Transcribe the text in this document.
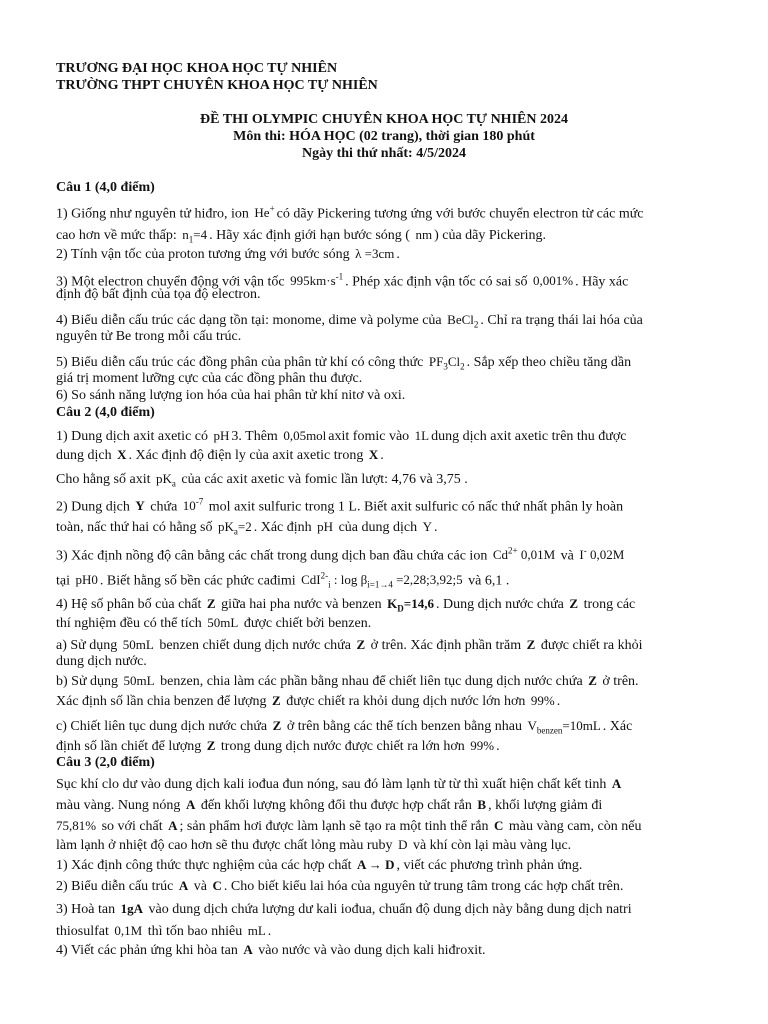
TRƯƠNG ĐẠI HỌC KHOA HỌC TỰ NHIÊN
TRƯỜNG THPT CHUYÊN KHOA HỌC TỰ NHIÊN
ĐỀ THI OLYMPIC CHUYÊN KHOA HỌC TỰ NHIÊN 2024
Môn thi: HÓA HỌC (02 trang), thời gian 180 phút
Ngày thi thứ nhất: 4/5/2024
Câu 1 (4,0 điểm)
1) Giống như nguyên tử hiđro, ion He+ có dãy Pickering tương ứng với bước chuyển electron từ các mức
cao hơn về mức thấp: $n_1=4$ . Hãy xác định giới hạn bước sóng ( nm ) của dãy Pickering.
2) Tính vận tốc của proton tương ứng với bước sóng λ =3cm .
3) Một electron chuyển động với vận tốc $995km\cdot s^{-1}$ . Phép xác định vận tốc có sai số 0,001% . Hãy xác
định độ bất định của tọa độ electron.
4) Biểu diễn cấu trúc các dạng tồn tại: monome, dime và polyme của BeCl$_2$ . Chỉ ra trạng thái lai hóa của
nguyên tử Be trong mỗi cấu trúc.
5) Biểu diễn cấu trúc các đồng phân của phân tử khí có công thức $PF_3Cl_2$ . Sắp xếp theo chiều tăng dần
giá trị moment lưỡng cực của các đồng phân thu được.
6) So sánh năng lượng ion hóa của hai phân tử khí nitơ và oxi.
Câu 2 (4,0 điểm)
1) Dung dịch axit axetic có pH 3. Thêm 0,05mol axit fomic vào 1L dung dịch axit axetic trên thu được
dung dịch X . Xác định độ điện ly của axit axetic trong X .
Cho hằng số axit $pK_a$ của các axit axetic và fomic lần lượt: 4,76 và 3,75 .
2) Dung dịch Y chứa $10^{-7}$ mol axit sulfuric trong 1 L. Biết axit sulfuric có nấc thứ nhất phân ly hoàn
toàn, nấc thứ hai có hằng số $pK_a=2$ . Xác định pH của dung dịch Y .
3) Xác định nồng độ cân bằng các chất trong dung dịch ban đầu chứa các ion $Cd^{2+}$ 0,01M và I- 0,02M
tại pH0 . Biết hằng số bền các phức cađimi CdI$^{2-}_i$ : $\log \beta_{i=1\to 4}$ =2,28;3,92;5 và 6,1 .
4) Hệ số phân bố của chất Z giữa hai pha nước và benzen $K_D=14,6$ . Dung dịch nước chứa Z trong các
thí nghiệm đều có thể tích 50mL được chiết bởi benzen.
a) Sử dụng 50mL benzen chiết dung dịch nước chứa Z ở trên. Xác định phần trăm Z được chiết ra khỏi
dung dịch nước.
b) Sử dụng 50mL benzen, chia làm các phần bằng nhau để chiết liên tục dung dịch nước chứa Z ở trên.
Xác định số lần chia benzen để lượng Z được chiết ra khỏi dung dịch nước lớn hơn 99% .
c) Chiết liên tục dung dịch nước chứa Z ở trên bằng các thể tích benzen bằng nhau $V_{benzen}=10mL$ . Xác
định số lần chiết để lượng Z trong dung dịch nước được chiết ra lớn hơn 99% .
Câu 3 (2,0 điểm)
Sục khí clo dư vào dung dịch kali iođua đun nóng, sau đó làm lạnh từ từ thì xuất hiện chất kết tinh A
màu vàng. Nung nóng A đến khối lượng không đổi thu được hợp chất rắn B , khối lượng giảm đi
75,81% so với chất A ; sản phẩm hơi được làm lạnh sẽ tạo ra một tinh thể rắn C màu vàng cam, còn nếu
làm lạnh ở nhiệt độ cao hơn sẽ thu được chất lỏng màu ruby D và khí còn lại màu vàng lục.
1) Xác định công thức thực nghiệm của các hợp chất A → D , viết các phương trình phản ứng.
2) Biểu diễn cấu trúc A và C . Cho biết kiểu lai hóa của nguyên tử trung tâm trong các hợp chất trên.
3) Hoà tan 1gA vào dung dịch chứa lượng dư kali iođua, chuẩn độ dung dịch này bằng dung dịch natri
thiosulfat 0,1M thì tốn bao nhiêu mL .
4) Viết các phản ứng khi hòa tan A vào nước và vào dung dịch kali hiđroxit.
